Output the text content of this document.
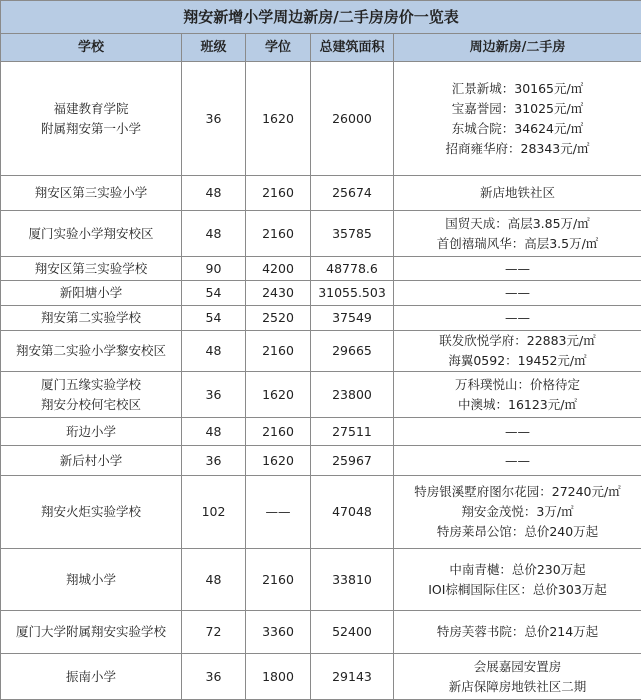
翔安新增小学周边新房/二手房房价一览表				
学校	班级	学位	总建筑面积	周边新房/二手房

福建教育学院
附属翔安第一小学	36	1620	26000	汇景新城：30165元/㎡
宝嘉誉园：31025元/㎡
东城合院：34624元/㎡
招商雍华府：28343元/㎡

翔安区第三实验小学	48	2160	25674	新店地铁社区

厦门实验小学翔安校区	48	2160	35785	国贸天成：高层3.85万/㎡
首创禧瑞风华：高层3.5万/㎡

翔安区第三实验学校	90	4200	48778.6	——

新阳塘小学	54	2430	31055.503	——

翔安第二实验学校	54	2520	37549	——

翔安第二实验小学黎安校区	48	2160	29665	联发欣悦学府：22883元/㎡
海翼0592：19452元/㎡

厦门五缘实验学校
翔安分校何宅校区	36	1620	23800	万科璞悦山：价格待定
中澳城：16123元/㎡

珩边小学	48	2160	27511	——

新后村小学	36	1620	25967	——

翔安火炬实验学校	102	——	47048	特房银溪墅府图尔花园：27240元/㎡
翔安金茂悦：3万/㎡
特房莱昂公馆：总价240万起

翔城小学	48	2160	33810	中南青樾：总价230万起
IOI棕榈国际住区：总价303万起

厦门大学附属翔安实验学校	72	3360	52400	特房芙蓉书院：总价214万起

振南小学	36	1800	29143	会展嘉园安置房
新店保障房地铁社区二期
